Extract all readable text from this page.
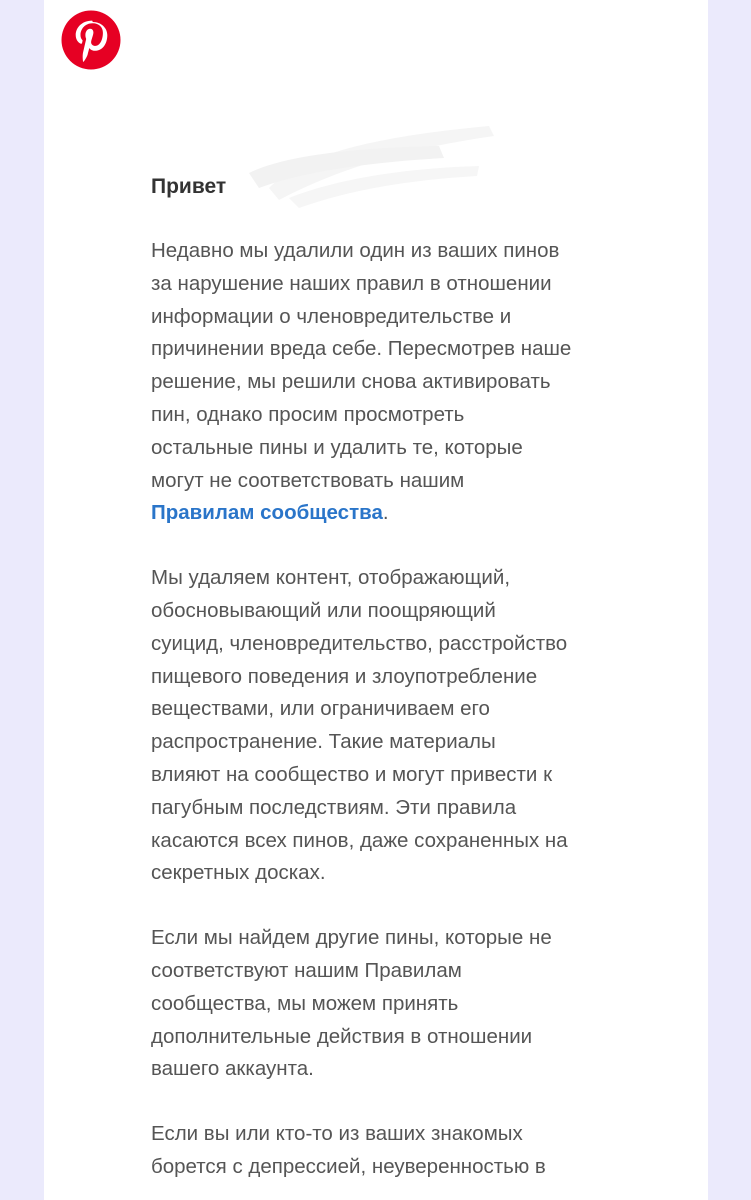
Привет
Недавно мы удалили один из ваших пинов
за нарушение наших правил в отношении
информации о членовредительстве и
причинении вреда себе. Пересмотрев наше
решение, мы решили снова активировать
пин, однако просим просмотреть
остальные пины и удалить те, которые
могут не соответствовать нашим
Правилам сообщества.
Мы удаляем контент, отображающий,
обосновывающий или поощряющий
суицид, членовредительство, расстройство
пищевого поведения и злоупотребление
веществами, или ограничиваем его
распространение. Такие материалы
влияют на сообщество и могут привести к
пагубным последствиям. Эти правила
касаются всех пинов, даже сохраненных на
секретных досках.
Если мы найдем другие пины, которые не
соответствуют нашим Правилам
сообщества, мы можем принять
дополнительные действия в отношении
вашего аккаунта.
Если вы или кто-то из ваших знакомых
борется с депрессией, неуверенностью в
